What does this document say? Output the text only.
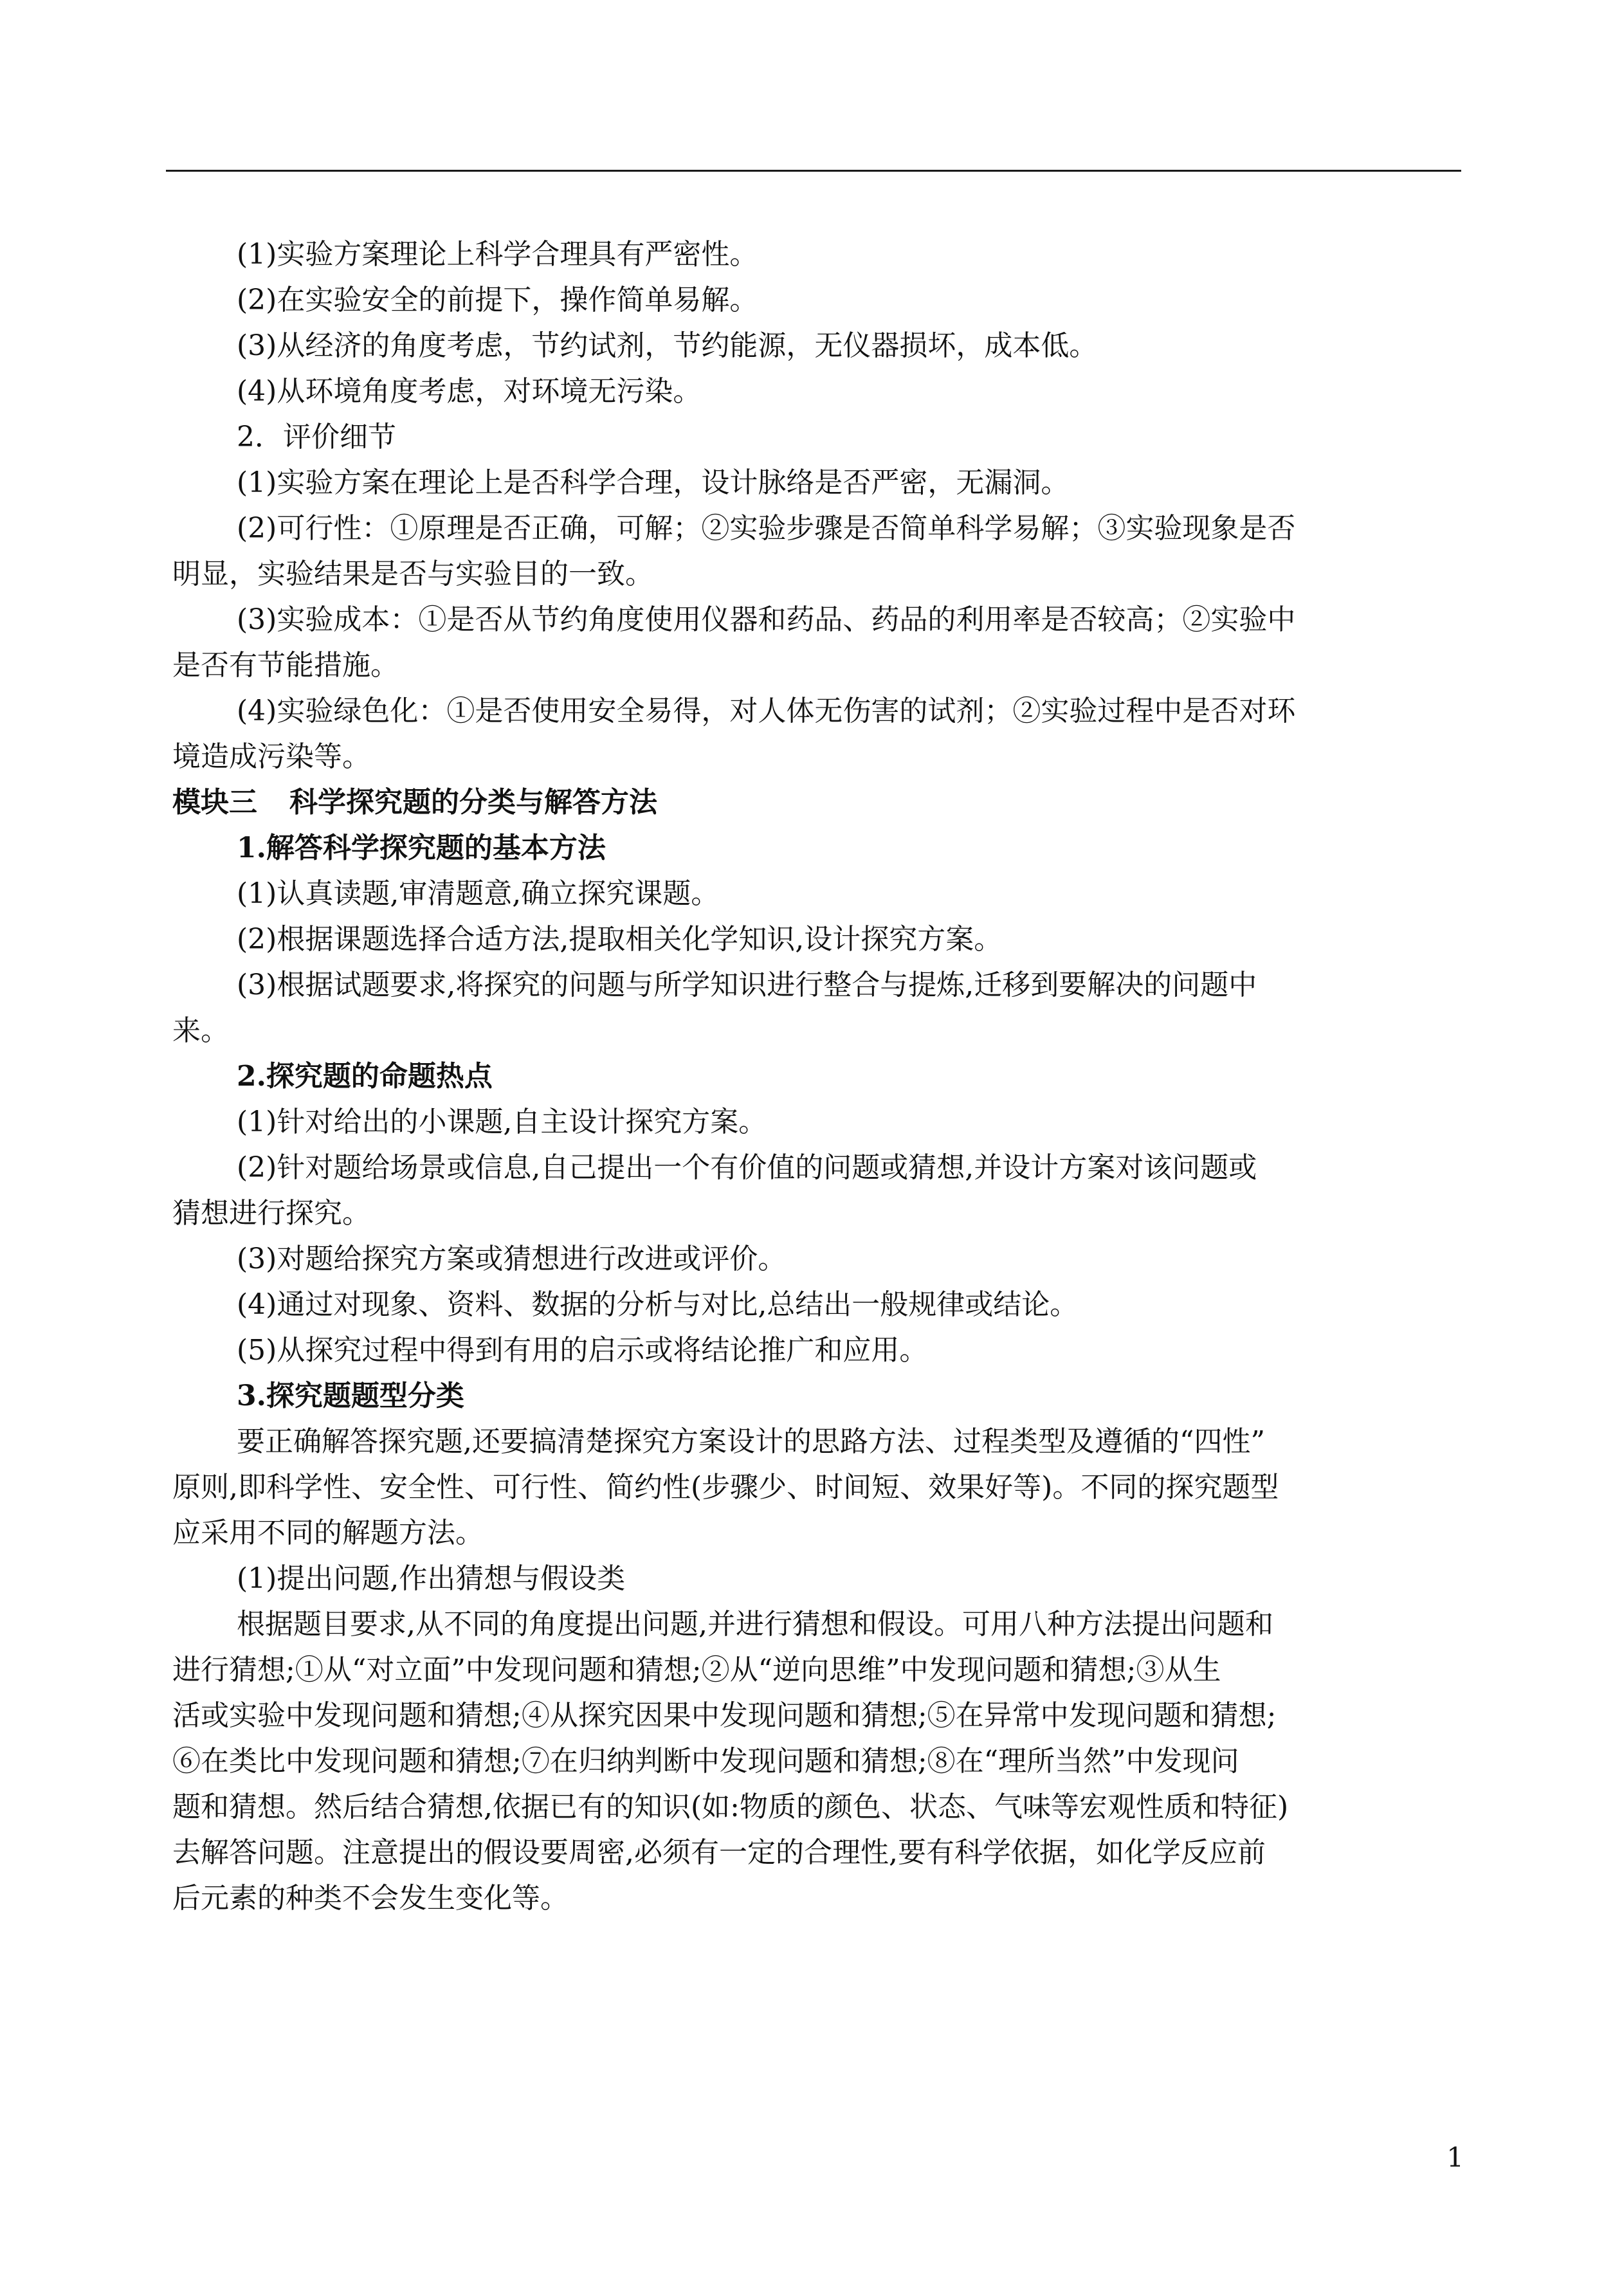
(1)实验方案理论上科学合理具有严密性。

(2)在实验安全的前提下，操作简单易解。

(3)从经济的角度考虑，节约试剂，节约能源，无仪器损坏，成本低。

(4)从环境角度考虑，对环境无污染。

2．评价细节

(1)实验方案在理论上是否科学合理，设计脉络是否严密，无漏洞。

(2)可行性：①原理是否正确，可解；②实验步骤是否简单科学易解；③实验现象是否

明显，实验结果是否与实验目的一致。

(3)实验成本：①是否从节约角度使用仪器和药品、药品的利用率是否较高；②实验中

是否有节能措施。

(4)实验绿色化：①是否使用安全易得，对人体无伤害的试剂；②实验过程中是否对环

境造成污染等。

模块三 科学探究题的分类与解答方法

1.解答科学探究题的基本方法

(1)认真读题,审清题意,确立探究课题。

(2)根据课题选择合适方法,提取相关化学知识,设计探究方案。

(3)根据试题要求,将探究的问题与所学知识进行整合与提炼,迁移到要解决的问题中

来。

2.探究题的命题热点

(1)针对给出的小课题,自主设计探究方案。

(2)针对题给场景或信息,自己提出一个有价值的问题或猜想,并设计方案对该问题或

猜想进行探究。

(3)对题给探究方案或猜想进行改进或评价。

(4)通过对现象、资料、数据的分析与对比,总结出一般规律或结论。

(5)从探究过程中得到有用的启示或将结论推广和应用。

3.探究题题型分类

要正确解答探究题,还要搞清楚探究方案设计的思路方法、过程类型及遵循的“四性”

原则,即科学性、安全性、可行性、简约性(步骤少、时间短、效果好等)。不同的探究题型

应采用不同的解题方法。

(1)提出问题,作出猜想与假设类

根据题目要求,从不同的角度提出问题,并进行猜想和假设。可用八种方法提出问题和

进行猜想;①从“对立面”中发现问题和猜想;②从“逆向思维”中发现问题和猜想;③从生

活或实验中发现问题和猜想;④从探究因果中发现问题和猜想;⑤在异常中发现问题和猜想;

⑥在类比中发现问题和猜想;⑦在归纳判断中发现问题和猜想;⑧在“理所当然”中发现问

题和猜想。然后结合猜想,依据已有的知识(如:物质的颜色、状态、气味等宏观性质和特征)

去解答问题。注意提出的假设要周密,必须有一定的合理性,要有科学依据，如化学反应前

后元素的种类不会发生变化等。

1
